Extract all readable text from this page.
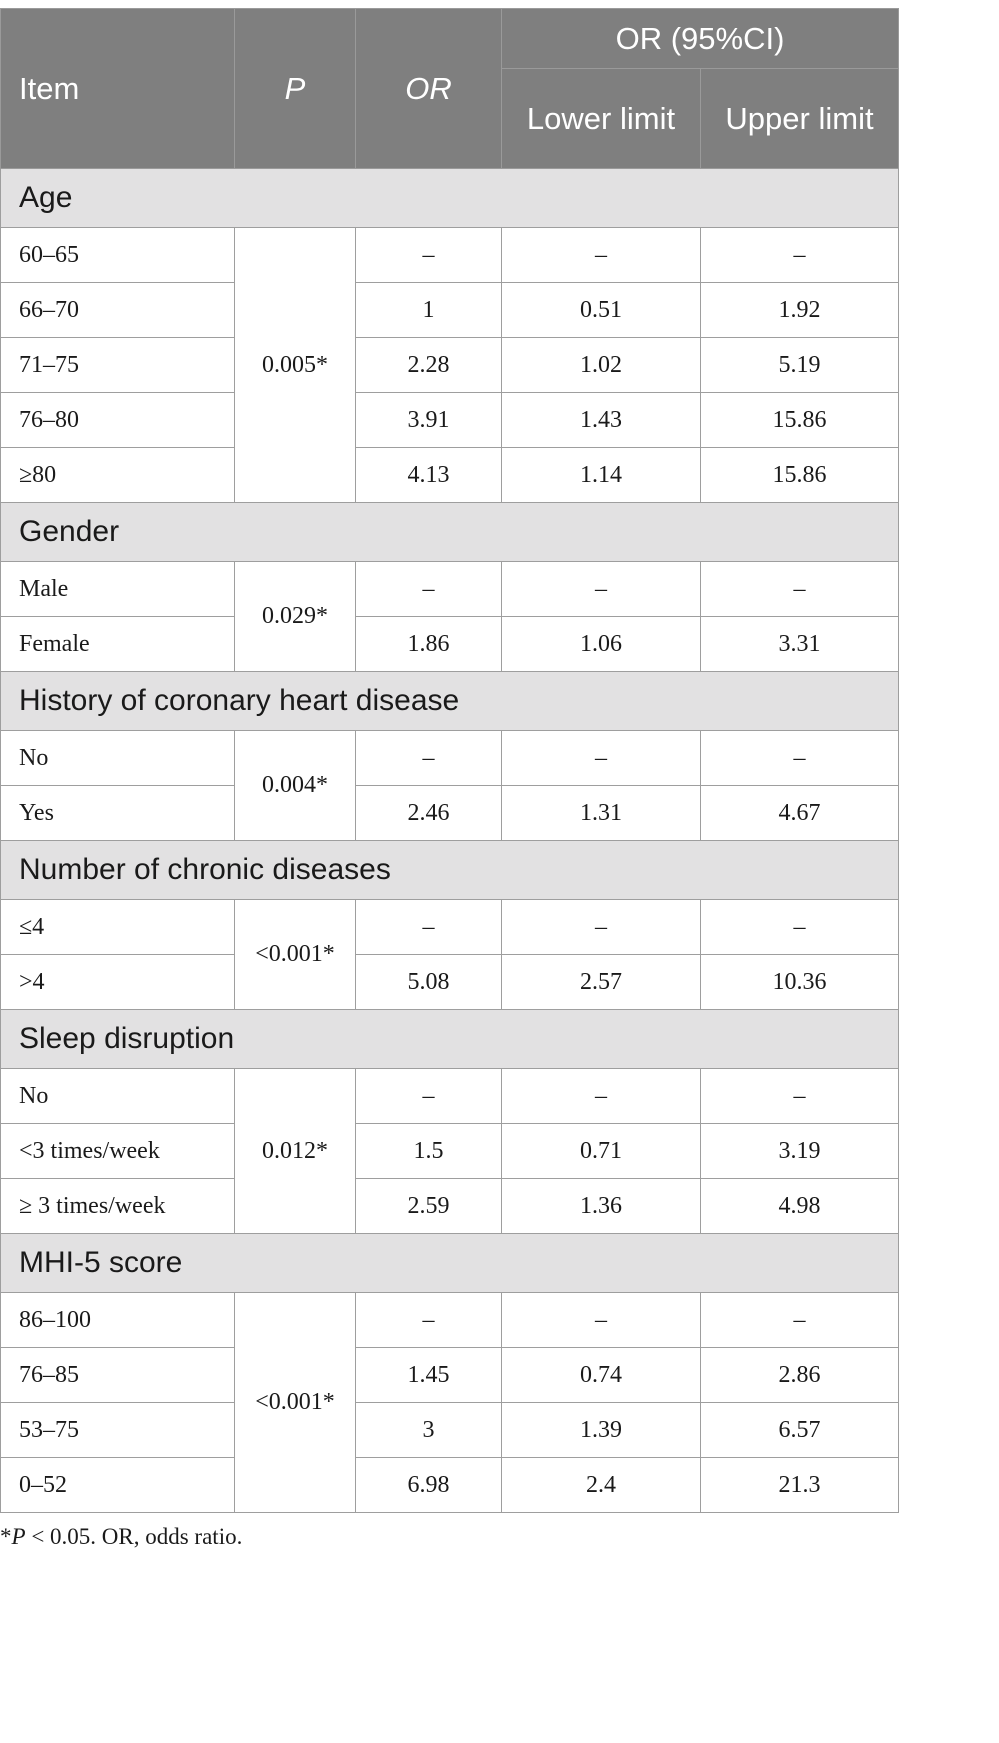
Item	P	OR	OR (95%CI)	
			Lower limit	Upper limit
Age				
60–65	0.005*	–	–	–
66–70		1	0.51	1.92
71–75		2.28	1.02	5.19
76–80		3.91	1.43	15.86
≥80		4.13	1.14	15.86
Gender				
Male	0.029*	–	–	–
Female		1.86	1.06	3.31
History of coronary heart disease				
No	0.004*	–	–	–
Yes		2.46	1.31	4.67
Number of chronic diseases				
≤4	<0.001*	–	–	–
>4		5.08	2.57	10.36
Sleep disruption				
No	0.012*	–	–	–
<3 times/week		1.5	0.71	3.19
≥ 3 times/week		2.59	1.36	4.98
MHI-5 score				
86–100	<0.001*	–	–	–
76–85		1.45	0.74	2.86
53–75		3	1.39	6.57
0–52		6.98	2.4	21.3
*P < 0.05. OR, odds ratio.
